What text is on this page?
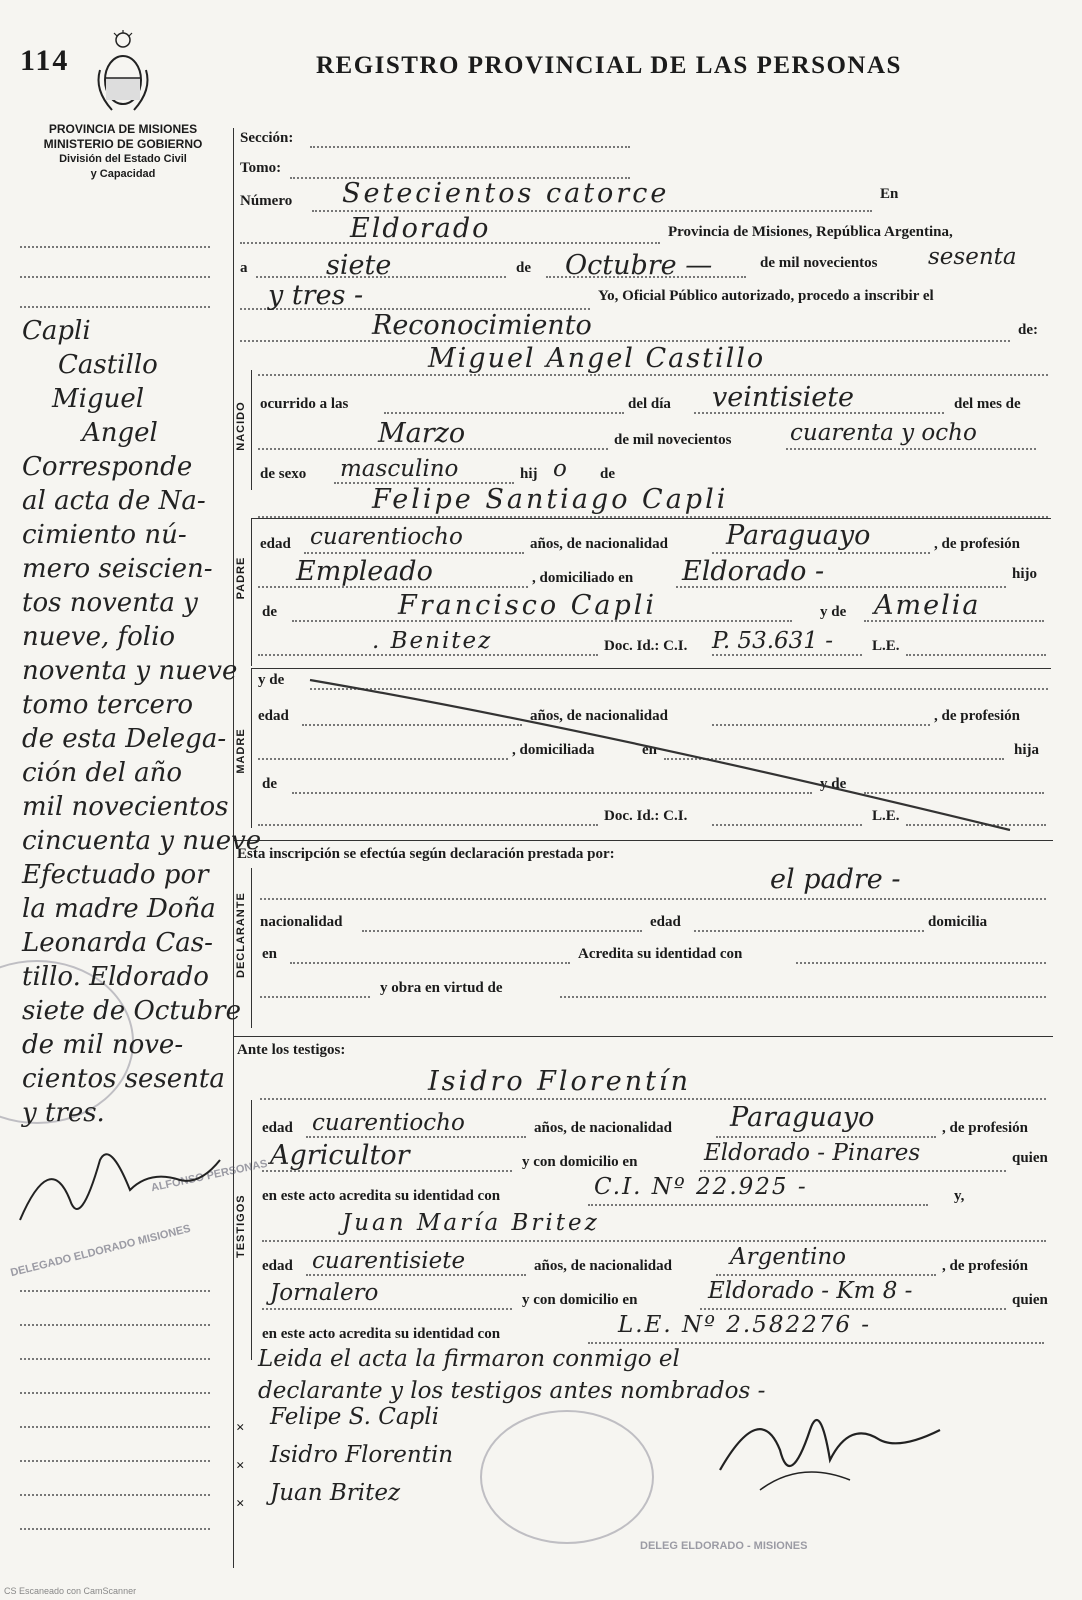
114	REGISTRO PROVINCIAL DE LAS PERSONAS
PROVINCIA DE MISIONES
MINISTERIO DE GOBIERNO
División del Estado Civil
y Capacidad
NACIDO
PADRE
MADRE
DECLARANTE
TESTIGOS
Sección:
Tomo:
Número Setecientos catorce	En
Eldorado	Provincia de Misiones, República Argentina,
a	siete	de Octubre —	de mil novecientos sesenta
y tres -	Yo, Oficial Público autorizado, procedo a inscribir el
Reconocimiento	de:
Miguel Angel Castillo
ocurrido a las	del día veintisiete	del mes de
Marzo	de mil novecientos	cuarenta y ocho
de sexo masculino	hij o de
Felipe Santiago Capli
edad cuarentiocho	años, de nacionalidad Paraguayo	, de profesión
Empleado	, domiciliado en Eldorado -	hijo
de	Francisco Capli	y de Amelia
. Benitez	Doc. Id.: C.I. P. 53.631 -	L.E.
y de
edad	años, de nacionalidad	, de profesión
, domiciliada	en	hija
de	y de
Doc. Id.: C.I.	L.E.
Esta inscripción se efectúa según declaración prestada por:
el padre -
nacionalidad	edad	domicilia
en	Acredita su identidad con
y obra en virtud de
Ante los testigos:
Isidro Florentín
edad cuarentiocho	años, de nacionalidad Paraguayo	, de profesión
Agricultor	y con domicilio en	Eldorado - Pinares	quien
en este acto acredita su identidad con	C.I. Nº 22.925 -	y,
Juan María Britez
edad cuarentisiete	años, de nacionalidad	Argentino	, de profesión
Jornalero	y con domicilio en	Eldorado - Km 8 -	quien
en este acto acredita su identidad con	L.E. Nº 2.582276 -
Leida el acta la firmaron conmigo el
declarante y los testigos antes nombrados -
×
×
×
Felipe S. Capli
Isidro Florentin
Juan Britez
DELEG ELDORADO - MISIONES
ALFONSO PERSONAS
DELEGADO ELDORADO MISIONES
Capli
Castillo
Miguel
Angel
Corresponde
al acta de Na-
cimiento nú-
mero seiscien-
tos noventa y
nueve, folio
noventa y nueve
tomo tercero
de esta Delega-
ción del año
mil novecientos
cincuenta y nueve
Efectuado por
la madre Doña
Leonarda Cas-
tillo. Eldorado
siete de Octubre
de mil nove-
cientos sesenta
y tres.
CS Escaneado con CamScanner
